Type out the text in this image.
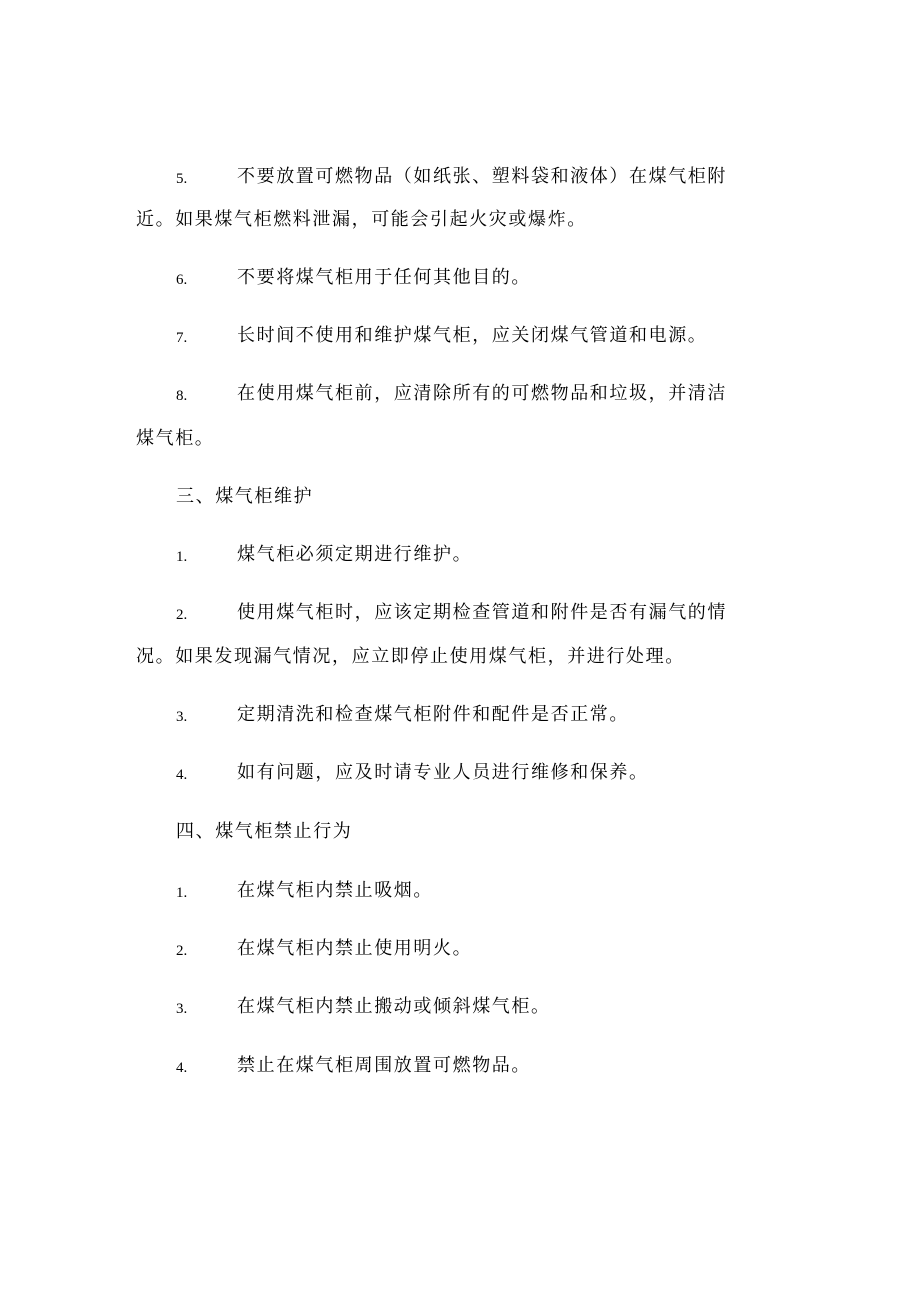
5.	不要放置可燃物品（如纸张、塑料袋和液体）在煤气柜附
近。如果煤气柜燃料泄漏，可能会引起火灾或爆炸。
6.	不要将煤气柜用于任何其他目的。
7.	长时间不使用和维护煤气柜，应关闭煤气管道和电源。
8.	在使用煤气柜前，应清除所有的可燃物品和垃圾，并清洁
煤气柜。
三、煤气柜维护
1.	煤气柜必须定期进行维护。
2.	使用煤气柜时，应该定期检查管道和附件是否有漏气的情
况。如果发现漏气情况，应立即停止使用煤气柜，并进行处理。
3.	定期清洗和检查煤气柜附件和配件是否正常。
4.	如有问题，应及时请专业人员进行维修和保养。
四、煤气柜禁止行为
1.	在煤气柜内禁止吸烟。
2.	在煤气柜内禁止使用明火。
3.	在煤气柜内禁止搬动或倾斜煤气柜。
4.	禁止在煤气柜周围放置可燃物品。
